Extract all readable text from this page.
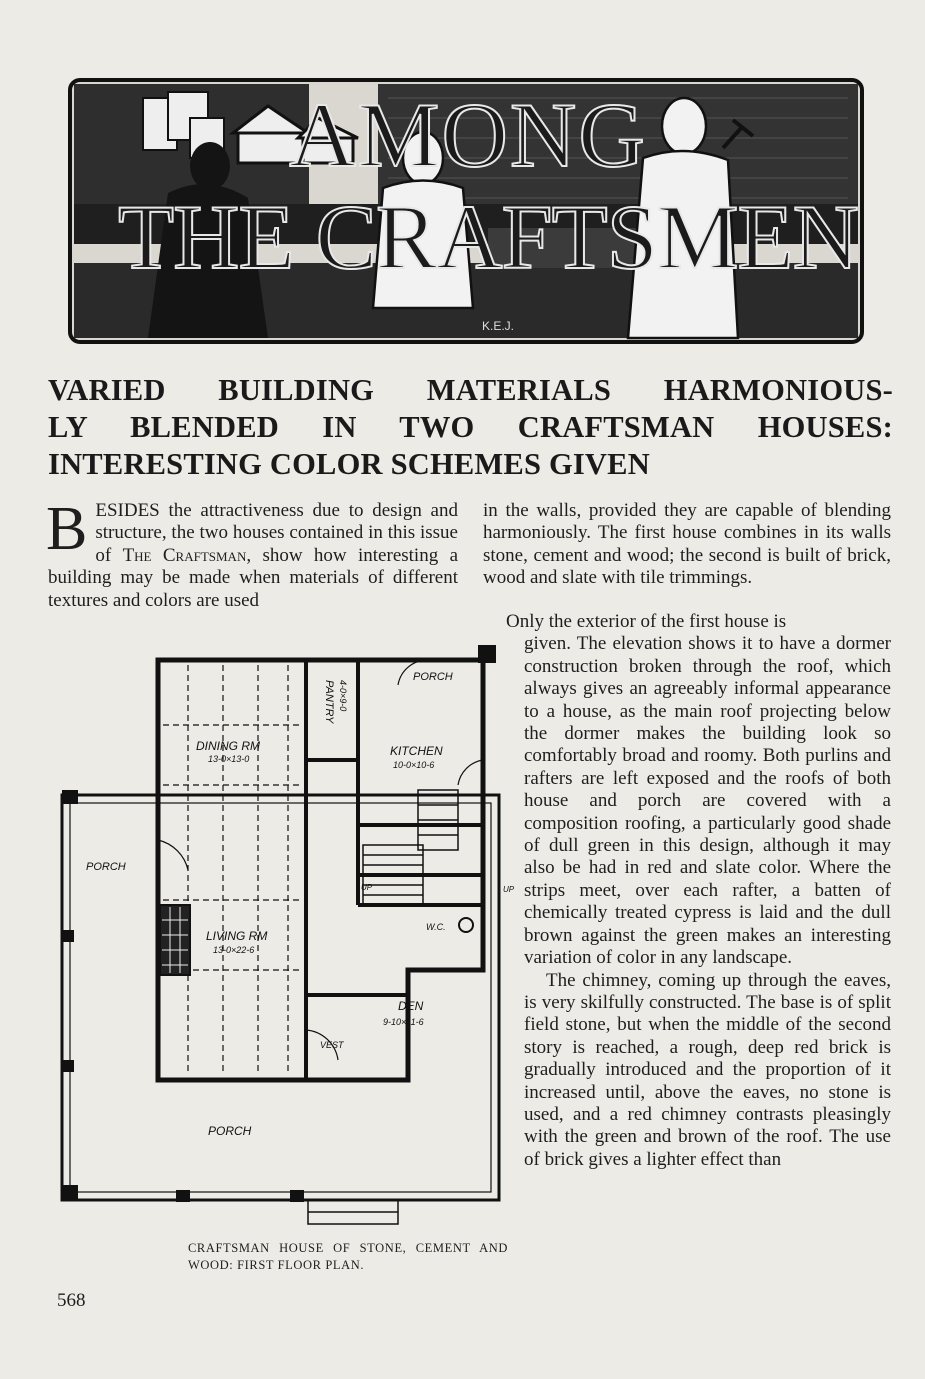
AMONG
THE CRAFTSMEN
K.E.J.
VARIED BUILDING MATERIALS HARMONIOUS-
LY BLENDED IN TWO CRAFTSMAN HOUSES:
INTERESTING COLOR SCHEMES GIVEN

BESIDES the attractiveness due to design and structure, the two houses contained in this issue of The Craftsman, show how interesting a building may be made when materials of different textures and colors are used

in the walls, provided they are capable of blending harmoniously. The first house combines in its walls stone, cement and wood; the second is built of brick, wood and slate with tile trimmings.

Only the exterior of the first house is

given. The elevation shows it to have a dormer construction broken through the roof, which always gives an agreeably informal appearance to a house, as the main roof projecting below the dormer makes the building look so comfortably broad and roomy. Both purlins and rafters are left exposed and the roofs of both house and porch are covered with a composition roofing, a particularly good shade of dull green in this design, although it may also be had in red and slate color. Where the strips meet, over each rafter, a batten of chemically treated cypress is laid and the dull brown against the green makes an interesting variation of color in any landscape.

The chimney, coming up through the eaves, is very skilfully constructed. The base is of split field stone, but when the middle of the second story is reached, a rough, deep red brick is gradually introduced and the proportion of it increased until, above the eaves, no stone is used, and a red chimney contrasts pleasingly with the green and brown of the roof. The use of brick gives a lighter effect than

PORCH
PANTRY 4-0×9-0
DINING RM
13-0×13-0
KITCHEN
10-0×10-6
PORCH
UP	UP
W.C.
LIVING RM
13-0×22-6
DEN
9-10×11-6
VEST
PORCH
CRAFTSMAN HOUSE OF STONE, CEMENT AND WOOD: FIRST FLOOR PLAN.
568
